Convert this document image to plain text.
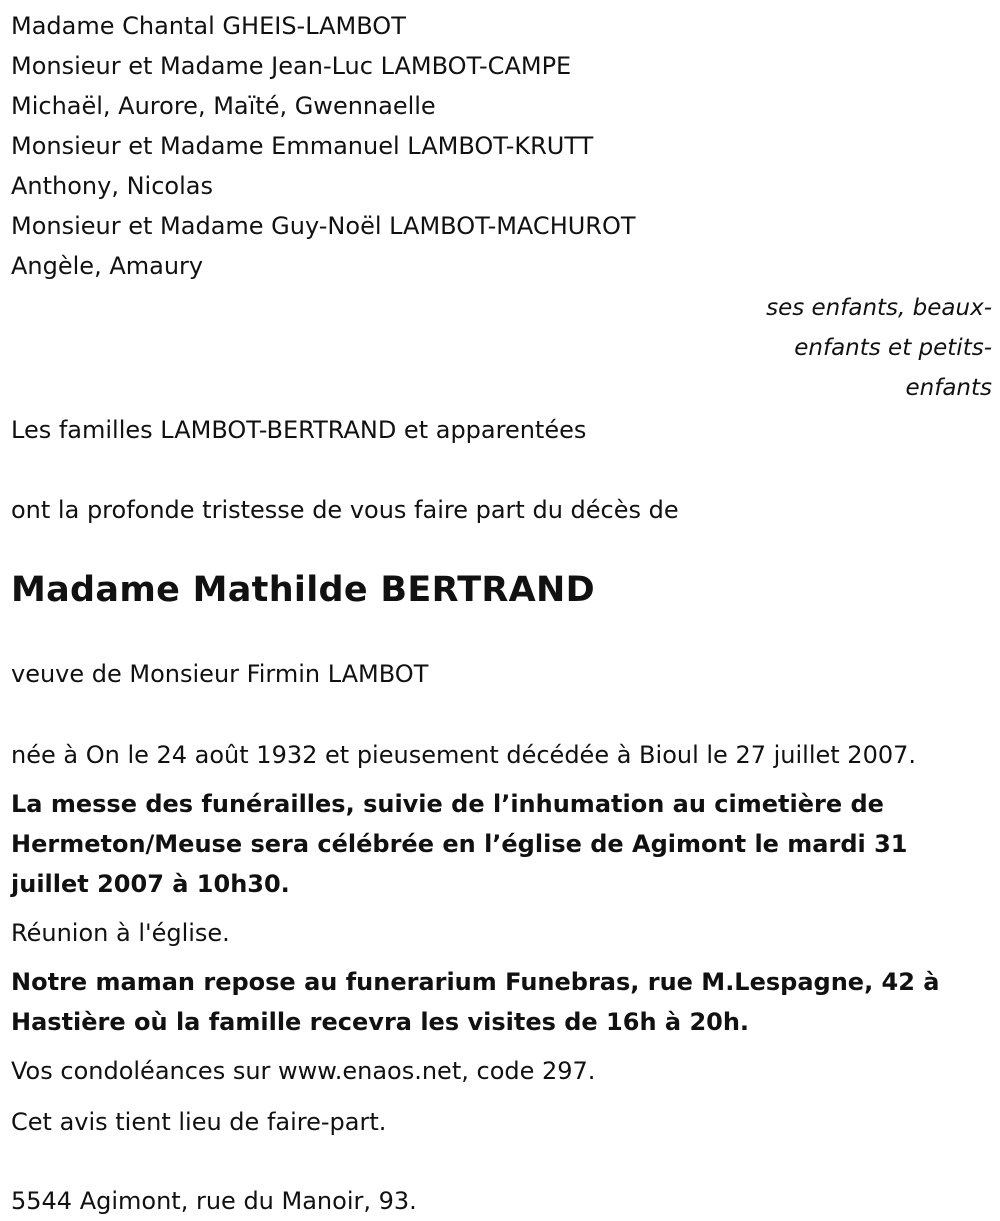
Madame Chantal GHEIS-LAMBOT
Monsieur et Madame Jean-Luc LAMBOT-CAMPE
Michaël, Aurore, Maïté, Gwennaelle
Monsieur et Madame Emmanuel LAMBOT-KRUTT
Anthony, Nicolas
Monsieur et Madame Guy-Noël LAMBOT-MACHUROT
Angèle, Amaury
ses enfants, beaux-
enfants et petits-
enfants
Les familles LAMBOT-BERTRAND et apparentées
ont la profonde tristesse de vous faire part du décès de
Madame Mathilde BERTRAND
veuve de Monsieur Firmin LAMBOT
née à On le 24 août 1932 et pieusement décédée à Bioul le 27 juillet 2007.
La messe des funérailles, suivie de l’inhumation au cimetière de
Hermeton/Meuse sera célébrée en l’église de Agimont le mardi 31
juillet 2007 à 10h30.
Réunion à l'église.
Notre maman repose au funerarium Funebras, rue M.Lespagne, 42 à
Hastière où la famille recevra les visites de 16h à 20h.
Vos condoléances sur www.enaos.net, code 297.
Cet avis tient lieu de faire-part.
5544 Agimont, rue du Manoir, 93.
